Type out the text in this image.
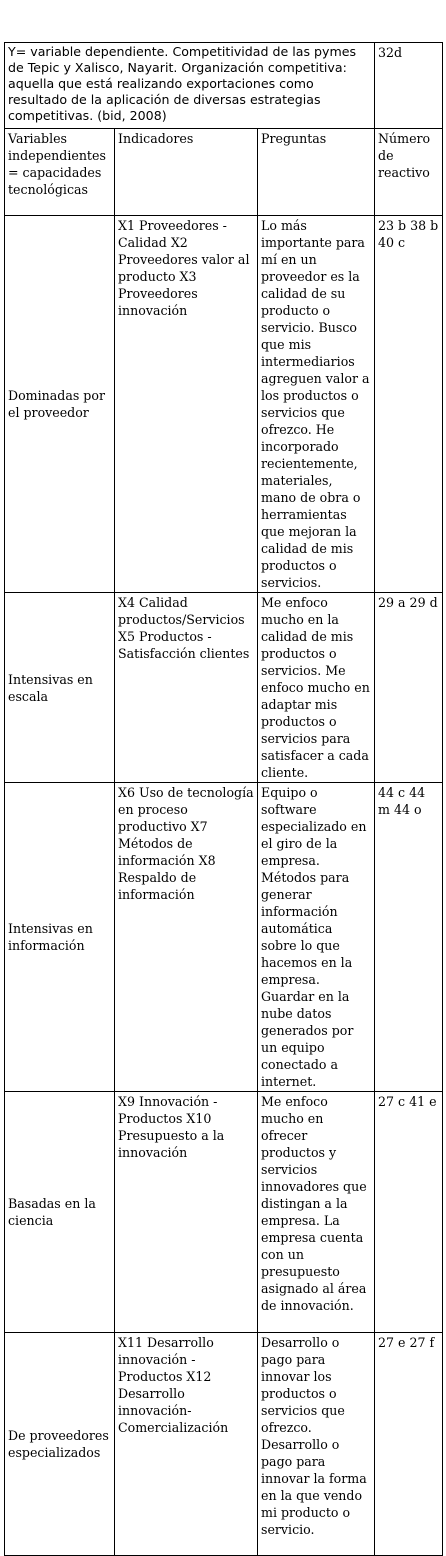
Y= variable dependiente. Competitividad de las pymes de Tepic y Xalisco, Nayarit. Organización competitiva: aquella que está realizando exportaciones como resultado de la aplicación de diversas estrategias competitivas. (bid, 2008)			32d
Variables independientes = capacidades tecnológicas	Indicadores	Preguntas	Número de reactivo
Dominadas por el proveedor	X1 Proveedores - Calidad X2 Proveedores valor al producto X3 Proveedores innovación	Lo más importante para mí en un proveedor es la calidad de su producto o servicio. Busco que mis intermediarios agreguen valor a los productos o servicios que ofrezco. He incorporado recientemente, materiales, mano de obra o herramientas que mejoran la calidad de mis productos o servicios.	23 b 38 b 40 c
Intensivas en escala	X4 Calidad productos/Servicios X5 Productos - Satisfacción clientes	Me enfoco mucho en la calidad de mis productos o servicios. Me enfoco mucho en adaptar mis productos o servicios para satisfacer a cada cliente.	29 a 29 d
Intensivas en información	X6 Uso de tecnología en proceso productivo X7 Métodos de información X8 Respaldo de información	Equipo o software especializado en el giro de la empresa. Métodos para generar información automática sobre lo que hacemos en la empresa. Guardar en la nube datos generados por un equipo conectado a internet.	44 c 44 m 44 o
Basadas en la ciencia	X9 Innovación - Productos X10 Presupuesto a la innovación	Me enfoco mucho en ofrecer productos y servicios innovadores que distingan a la empresa. La empresa cuenta con un presupuesto asignado al área de innovación.	27 c 41 e
De proveedores especializados	X11 Desarrollo innovación - Productos X12 Desarrollo innovación-Comercialización	Desarrollo o pago para innovar los productos o servicios que ofrezco. Desarrollo o pago para innovar la forma en la que vendo mi producto o servicio.	27 e 27 f
